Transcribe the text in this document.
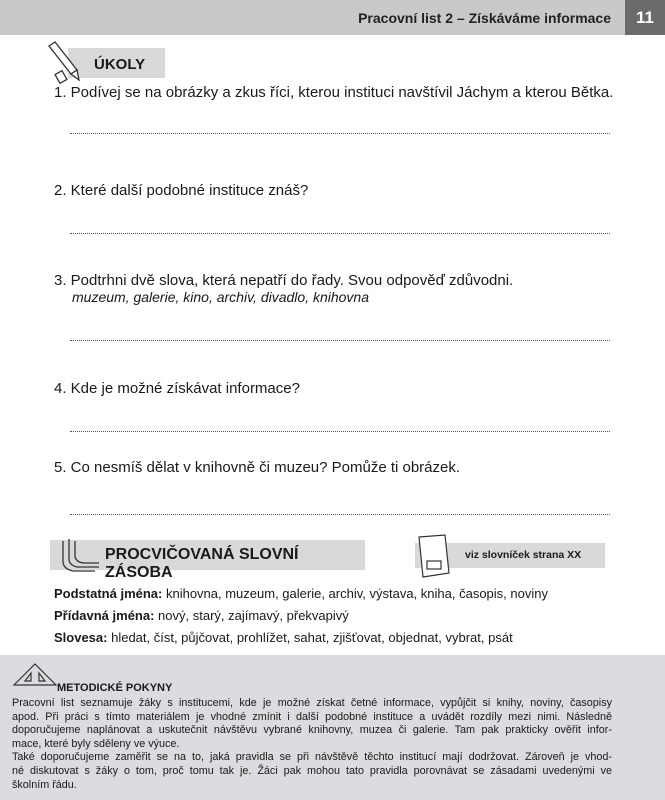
Pracovní list 2 – Získáváme informace	11
ÚKOLY
1. Podívej se na obrázky a zkus říci, kterou instituci navštívil Jáchym a kterou Bětka.
2. Které další podobné instituce znáš?
3. Podtrhni dvě slova, která nepatří do řady. Svou odpověď zdůvodni.
muzeum, galerie, kino, archiv, divadlo, knihovna
4. Kde je možné získávat informace?
5. Co nesmíš dělat v knihovně či muzeu? Pomůže ti obrázek.
PROCVIČOVANÁ SLOVNÍ ZÁSOBA
viz slovníček strana XX
Podstatná jména: knihovna, muzeum, galerie, archiv, výstava, kniha, časopis, noviny
Přídavná jména: nový, starý, zajímavý, překvapivý
Slovesa: hledat, číst, půjčovat, prohlížet, sahat, zjišťovat, objednat, vybrat, psát
METODICKÉ POKYNY
Pracovní list seznamuje žáky s institucemi, kde je možné získat četné informace, vypůjčit si knihy, noviny, časopisy
apod. Při práci s tímto materiálem je vhodné zmínit i další podobné instituce a uvádět rozdíly mezi nimi. Následně
doporučujeme naplánovat a uskutečnit návštěvu vybrané knihovny, muzea či galerie. Tam pak prakticky ověřit infor-
mace, které byly sděleny ve výuce.
Také doporučujeme zaměřit se na to, jaká pravidla se při návštěvě těchto institucí mají dodržovat. Zároveň je vhod-
né diskutovat s žáky o tom, proč tomu tak je. Žáci pak mohou tato pravidla porovnávat se zásadami uvedenými ve
školním řádu.
